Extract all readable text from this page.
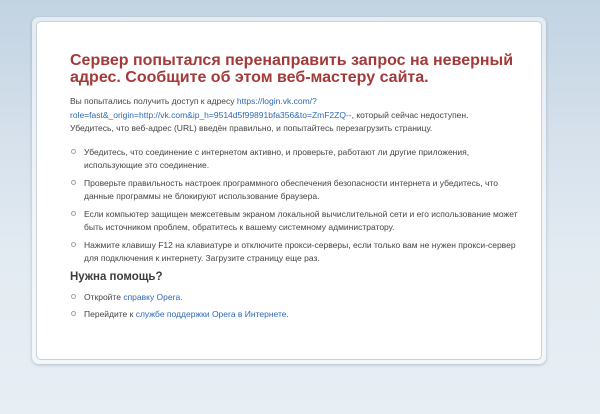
Сервер попытался перенаправить запрос на неверный адрес. Сообщите об этом веб-мастеру сайта.

Вы попытались получить доступ к адресу https://login.vk.com/?role=fast&_origin=http://vk.com&ip_h=9514d5f99891bfa356&to=ZmF2ZQ--, который сейчас недоступен. Убедитесь, что веб-адрес (URL) введён правильно, и попытайтесь перезагрузить страницу.

Убедитесь, что соединение с интернетом активно, и проверьте, работают ли другие приложения, использующие это соединение.
Проверьте правильность настроек программного обеспечения безопасности интернета и убедитесь, что данные программы не блокируют использование браузера.
Если компьютер защищен межсетевым экраном локальной вычислительной сети и его использование может быть источником проблем, обратитесь к вашему системному администратору.
Нажмите клавишу F12 на клавиатуре и отключите прокси-серверы, если только вам не нужен прокси-сервер для подключения к интернету. Загрузите страницу еще раз.
Нужна помощь?
Откройте справку Opera.
Перейдите к службе поддержки Opera в Интернете.
